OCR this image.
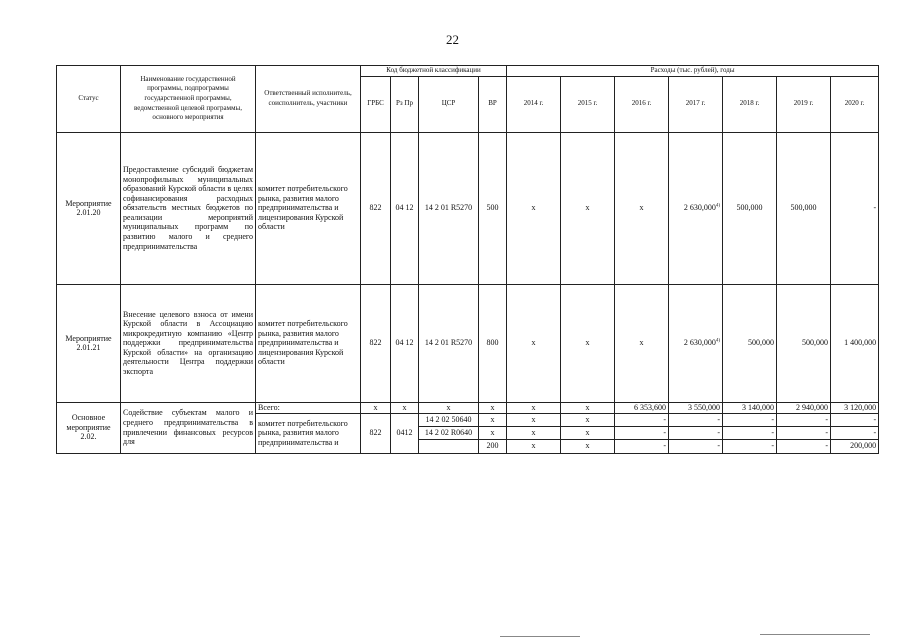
22
Статус	Наименование государственной программы, подпрограммы государственной программы, ведомственной целевой программы, основного мероприятия	Ответственный исполнитель, соисполнитель, участники	Код бюджетной классификации				Расходы (тыс. рублей), годы						
			ГРБС	Рз Пр	ЦСР	ВР	2014 г.	2015 г.	2016 г.	2017 г.	2018 г.	2019 г.	2020 г.
Мероприятие 2.01.20	Предоставление субсидий бюджетам монопрофильных муниципальных образований Курской области в целях софинансирования расходных обязательств местных бюджетов по реализации мероприятий муниципальных программ по развитию малого и среднего предпринимательства	комитет потребительского рынка, развития малого предпринимательства и лицензирования Курской области	822	04 12	14 2 01 R5270	500	x	x	x	2 630,000$^{4)}$	500,000	500,000	-
Мероприятие 2.01.21	Внесение целевого взноса от имени Курской области в Ассоциацию микрокредитную компанию «Центр поддержки предпринимательства Курской области» на организацию деятельности Центра поддержки экспорта	комитет потребительского рынка, развития малого предпринимательства и лицензирования Курской области	822	04 12	14 2 01 R5270	800	x	x	x	2 630,000$^{4)}$	500,000	500,000	1 400,000
Основное мероприятие 2.02.	Содействие субъектам малого и среднего предпринимательства в привлечении финансовых ресурсов для	Всего:	x	x	x	x	x	x	6 353,600	3 550,000	3 140,000	2 940,000	3 120,000
		комитет потребительского рынка, развития малого предпринимательства и	822	0412	14 2 02 50640	x	x	x	-	-	-	-	-
					14 2 02 R0640	x	x	x	-	-	-	-	-
						200	x	x	-	-	-	-	200,000
